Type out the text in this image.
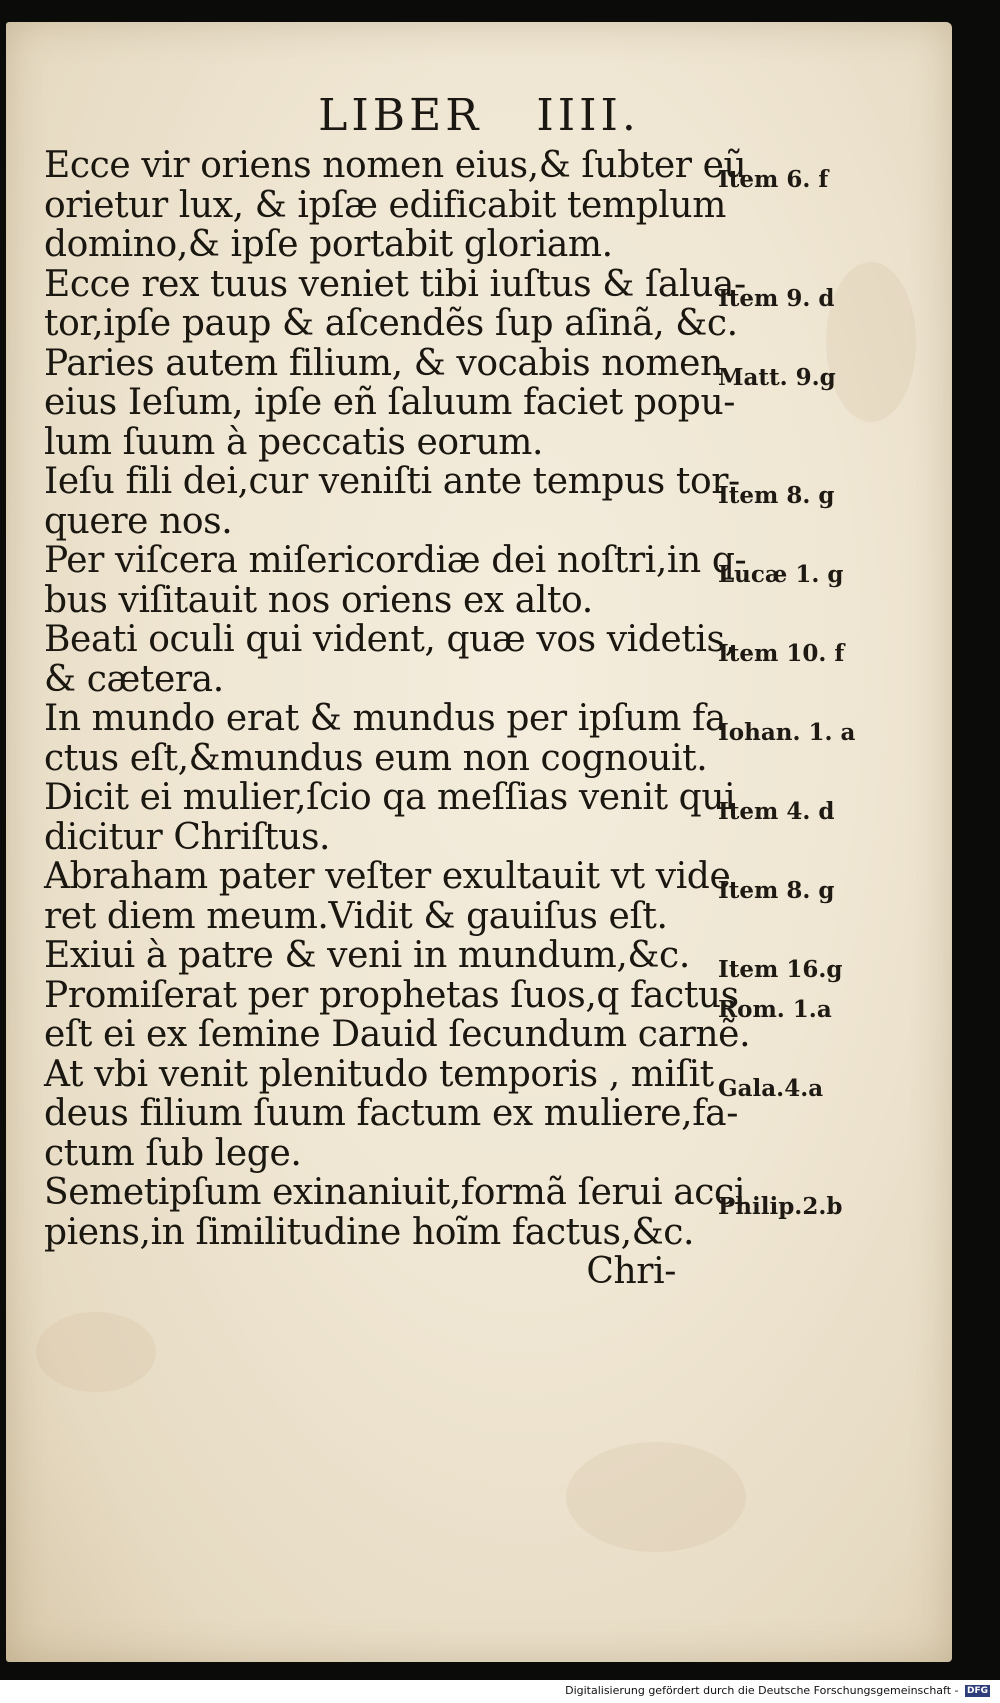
LIBER IIII.
Ecce vir oriens nomen eius,& ſubter eũ
orietur lux, & ipſæ edificabit templum
domino,& ipſe portabit gloriam.
Ecce rex tuus veniet tibi iuſtus & ſalua-
tor,ipſe paup & aſcendẽs ſup aſinã, &c.
Paries autem filium, & vocabis nomen
eius Ieſum, ipſe eñ ſaluum faciet popu-
lum ſuum à peccatis eorum.
Ieſu fili dei,cur veniſti ante tempus tor-
quere nos.
Per viſcera miſericordiæ dei noſtri,in q-
bus viſitauit nos oriens ex alto.
Beati oculi qui vident, quæ vos videtis,
& cætera.
In mundo erat & mundus per ipſum fa
ctus eſt,&mundus eum non cognouit.
Dicit ei mulier,ſcio qa meſſias venit qui
dicitur Chriſtus.
Abraham pater veſter exultauit vt vide
ret diem meum.Vidit & gauiſus eſt.
Exiui à patre & veni in mundum,&c.
Promiſerat per prophetas ſuos,q factus
eſt ei ex ſemine Dauid ſecundum carnẽ.
At vbi venit plenitudo temporis , miſit
deus filium ſuum factum ex muliere,fa-
ctum ſub lege.
Semetipſum exinaniuit,formã ſerui acci
piens,in ſimilitudine hoĩm factus,&c.
Chri-
Item 6. f
Item 9. d
Matt. 9.g
Item 8. g
Lucæ 1. g
Item 10. f
Iohan. 1. a
Item 4. d
Item 8. g
Item 16.g
Rom. 1.a
Gala.4.a
Philip.2.b
Digitalisierung gefördert durch die Deutsche Forschungsgemeinschaft - DFG
